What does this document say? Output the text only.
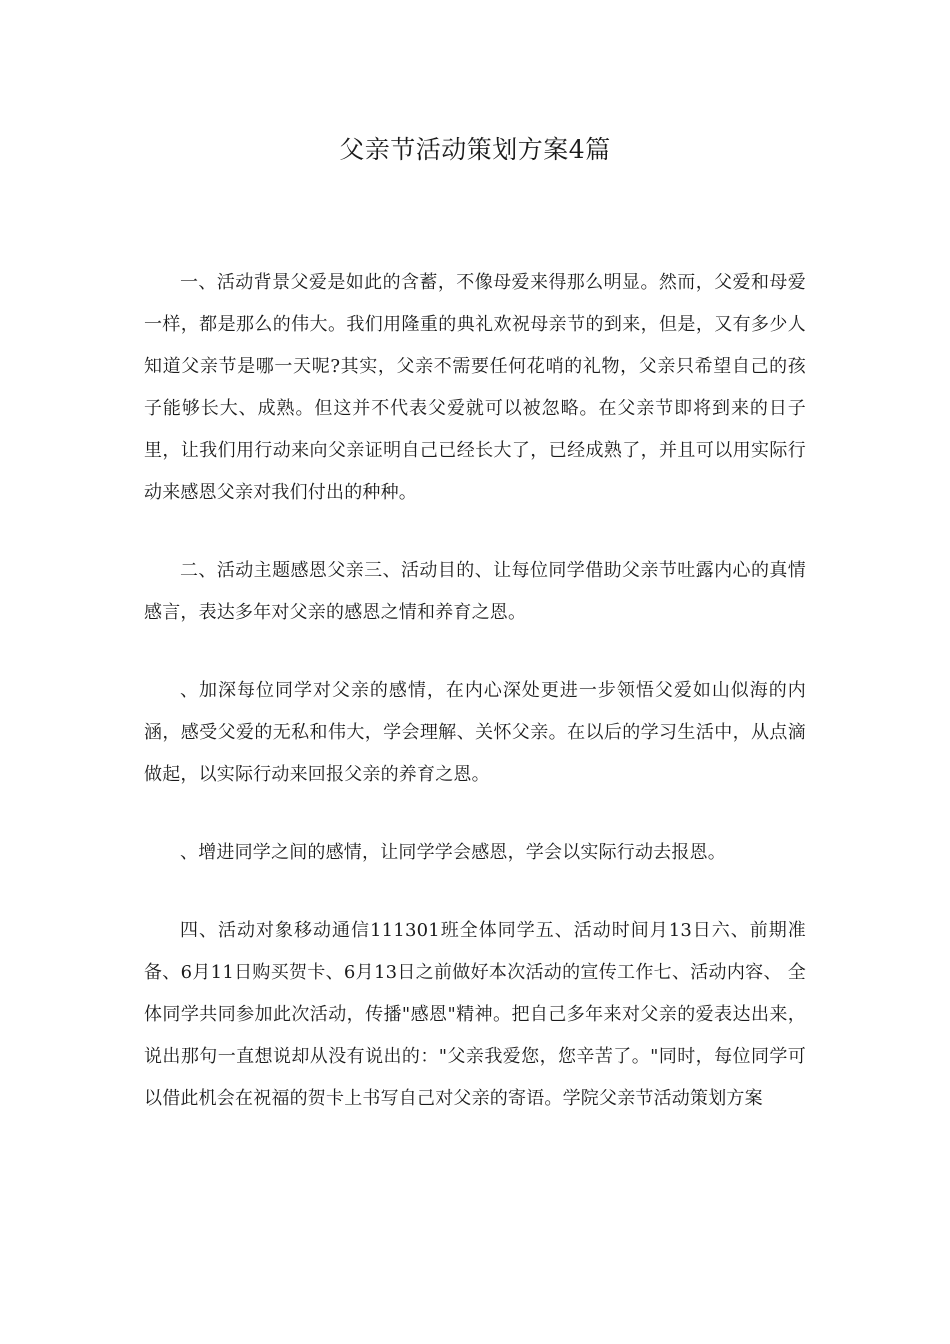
父亲节活动策划方案4篇

一、活动背景父爱是如此的含蓄，不像母爱来得那么明显。然而，父爱和母爱一样，都是那么的伟大。我们用隆重的典礼欢祝母亲节的到来，但是，又有多少人知道父亲节是哪一天呢?其实，父亲不需要任何花哨的礼物，父亲只希望自己的孩子能够长大、成熟。但这并不代表父爱就可以被忽略。在父亲节即将到来的日子里，让我们用行动来向父亲证明自己已经长大了，已经成熟了，并且可以用实际行动来感恩父亲对我们付出的种种。

二、活动主题感恩父亲三、活动目的、让每位同学借助父亲节吐露内心的真情感言，表达多年对父亲的感恩之情和养育之恩。

、加深每位同学对父亲的感情，在内心深处更进一步领悟父爱如山似海的内涵，感受父爱的无私和伟大，学会理解、关怀父亲。在以后的学习生活中，从点滴做起，以实际行动来回报父亲的养育之恩。

、增进同学之间的感情，让同学学会感恩，学会以实际行动去报恩。

四、活动对象移动通信111301班全体同学五、活动时间月13日六、前期准备、6月11日购买贺卡、6月13日之前做好本次活动的宣传工作七、活动内容、 全体同学共同参加此次活动，传播"感恩"精神。把自己多年来对父亲的爱表达出来，说出那句一直想说却从没有说出的："父亲我爱您，您辛苦了。"同时，每位同学可以借此机会在祝福的贺卡上书写自己对父亲的寄语。学院父亲节活动策划方案
